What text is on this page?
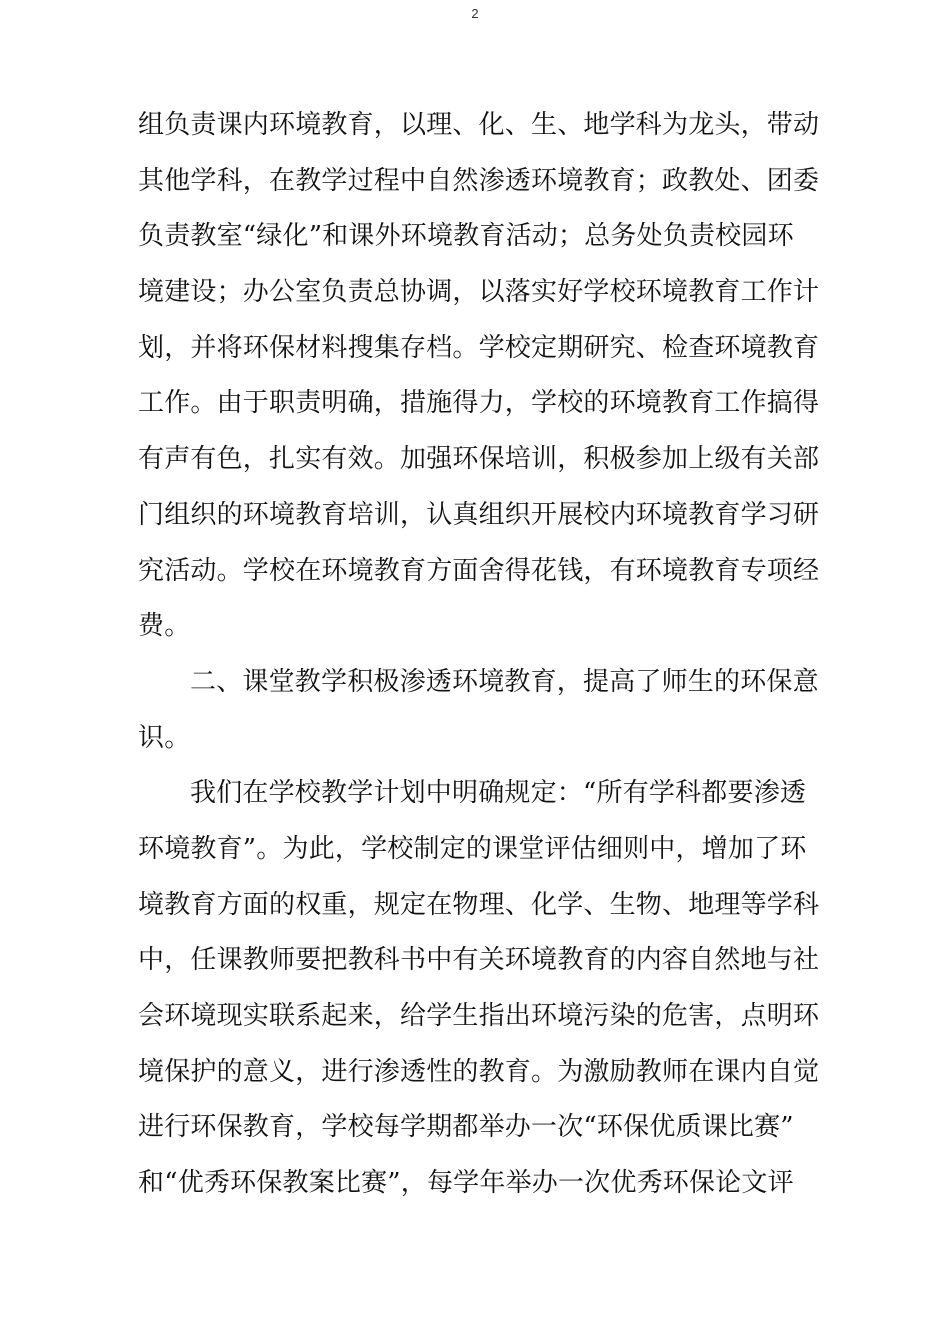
2
组负责课内环境教育，以理、化、生、地学科为龙头，带动
其他学科，在教学过程中自然渗透环境教育；政教处、团委
负责教室“绿化”和课外环境教育活动；总务处负责校园环
境建设；办公室负责总协调，以落实好学校环境教育工作计
划，并将环保材料搜集存档。学校定期研究、检查环境教育
工作。由于职责明确，措施得力，学校的环境教育工作搞得
有声有色，扎实有效。加强环保培训，积极参加上级有关部
门组织的环境教育培训，认真组织开展校内环境教育学习研
究活动。学校在环境教育方面舍得花钱，有环境教育专项经
费。
二、课堂教学积极渗透环境教育，提高了师生的环保意
识。
我们在学校教学计划中明确规定：“所有学科都要渗透
环境教育”。为此，学校制定的课堂评估细则中，增加了环
境教育方面的权重，规定在物理、化学、生物、地理等学科
中，任课教师要把教科书中有关环境教育的内容自然地与社
会环境现实联系起来，给学生指出环境污染的危害，点明环
境保护的意义，进行渗透性的教育。为激励教师在课内自觉
进行环保教育，学校每学期都举办一次“环保优质课比赛”
和“优秀环保教案比赛”，每学年举办一次优秀环保论文评
